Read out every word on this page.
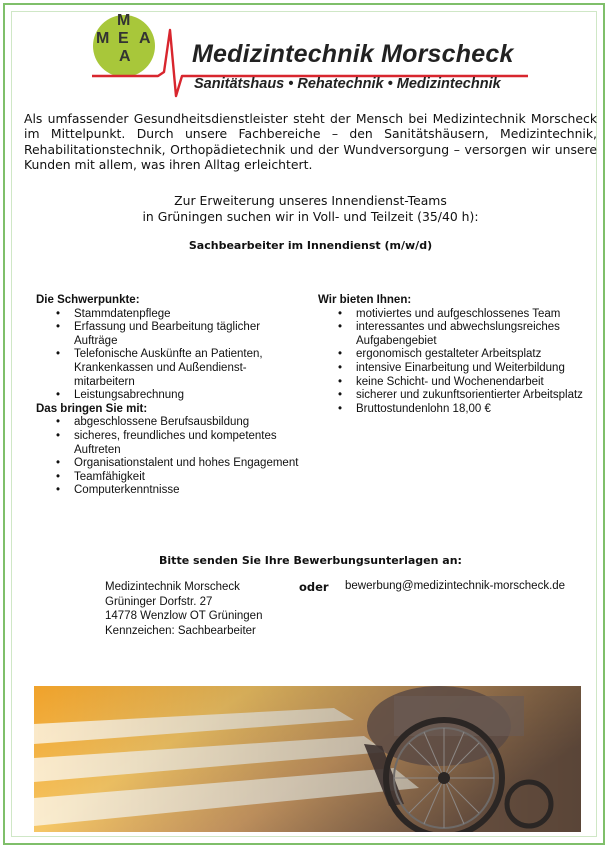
M
M E A
A Medizintechnik Morscheck
Sanitätshaus • Rehatechnik • Medizintechnik
Als umfassender Gesundheitsdienstleister steht der Mensch bei Medizintechnik Morscheck im Mittelpunkt. Durch unsere Fachbereiche – den Sanitätshäusern, Medizintechnik, Rehabilitationstechnik, Orthopädietechnik und der Wundversorgung – versorgen wir unsere Kunden mit allem, was ihren Alltag erleichtert.
Zur Erweiterung unseres Innendienst-Teams
in Grüningen suchen wir in Voll- und Teilzeit (35/40 h):
Sachbearbeiter im Innendienst (m/w/d)
Die Schwerpunkte:
• Stammdatenpflege
• Erfassung und Bearbeitung täglicher Aufträge
• Telefonische Auskünfte an Patienten, Krankenkassen und Außendienst-mitarbeitern
• Leistungsabrechnung
Das bringen Sie mit:
• abgeschlossene Berufsausbildung
• sicheres, freundliches und kompetentes Auftreten
• Organisationstalent und hohes Engagement
• Teamfähigkeit
• Computerkenntnisse
Wir bieten Ihnen:
• motiviertes und aufgeschlossenes Team
• interessantes und abwechslungsreiches Aufgabengebiet
• ergonomisch gestalteter Arbeitsplatz
• intensive Einarbeitung und Weiterbildung
• keine Schicht- und Wochenendarbeit
• sicherer und zukunftsorientierter Arbeitsplatz
• Bruttostundenlohn 18,00 €
Bitte senden Sie Ihre Bewerbungsunterlagen an:
Medizintechnik Morscheck
Grüninger Dorfstr. 27
14778 Wenzlow OT Grüningen
Kennzeichen: Sachbearbeiter
oder bewerbung@medizintechnik-morscheck.de
